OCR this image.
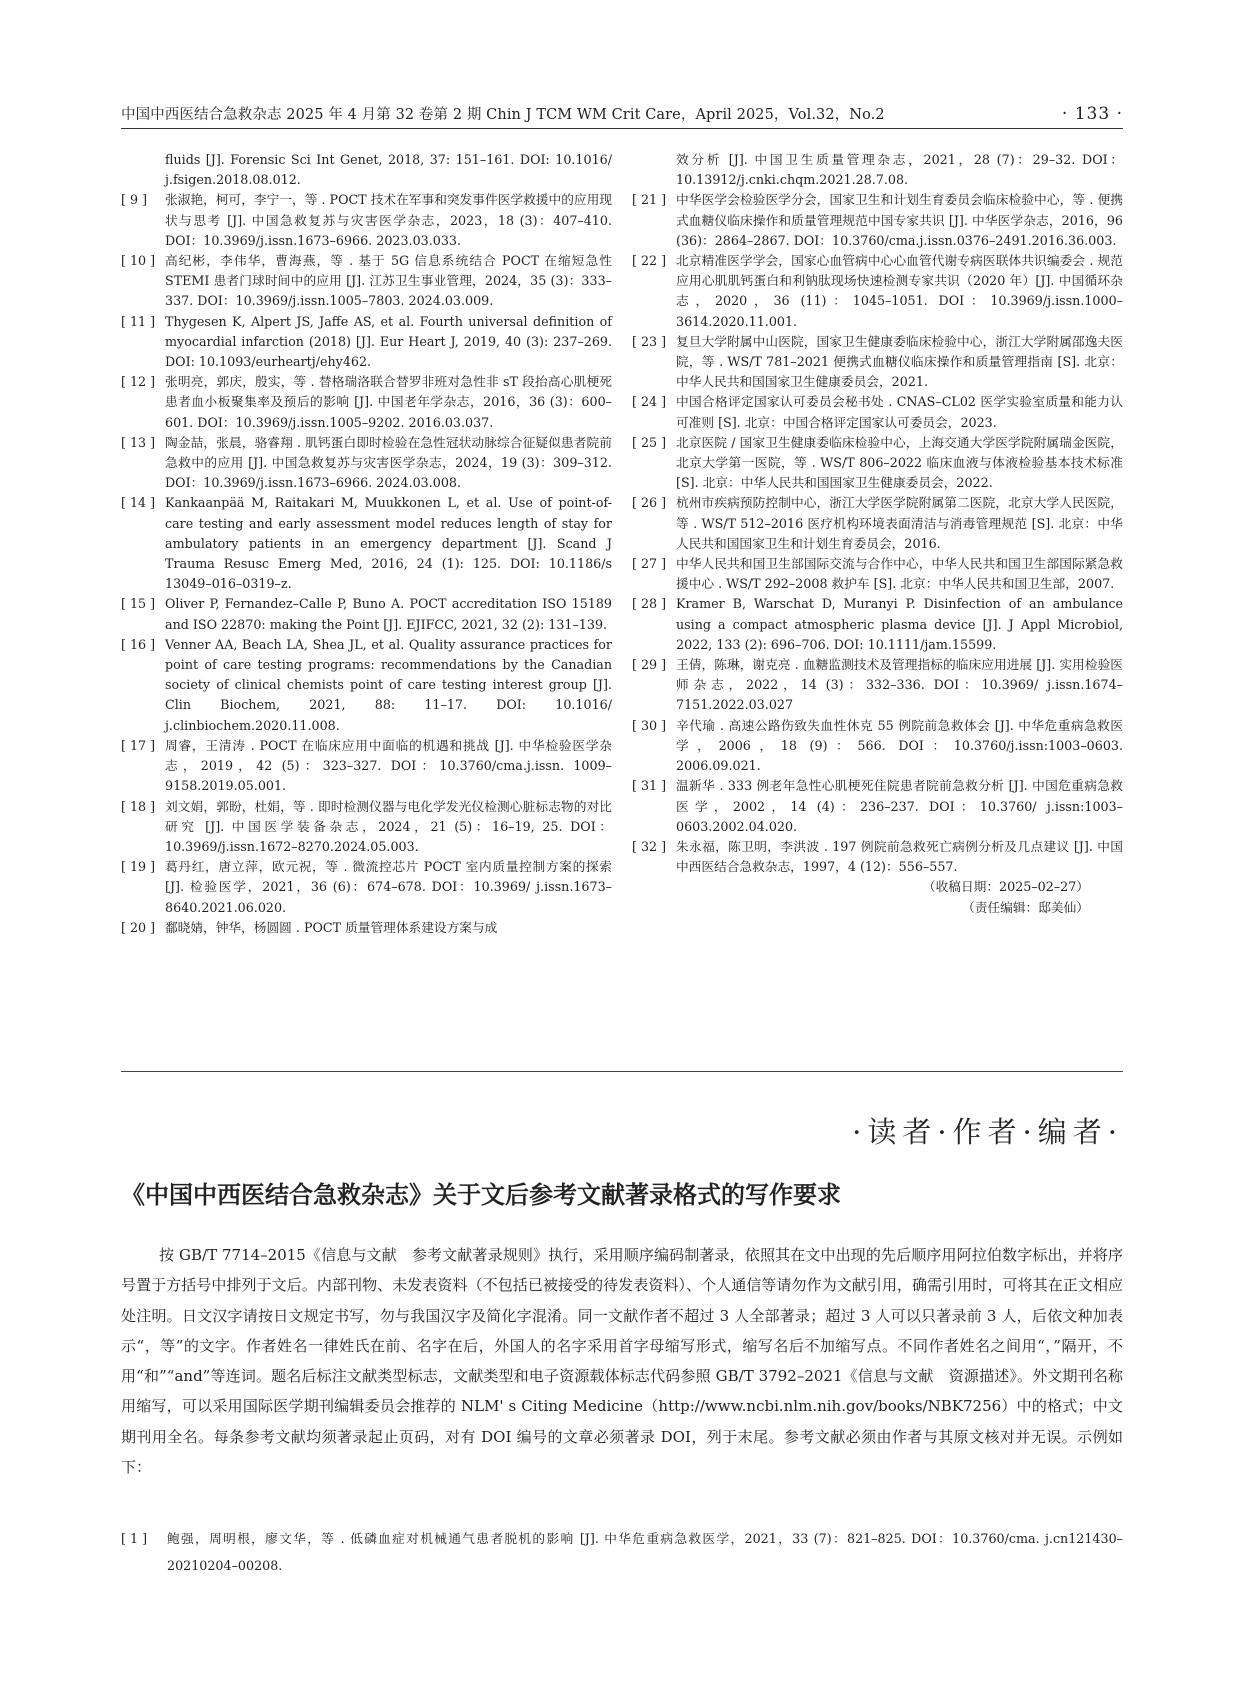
中国中西医结合急救杂志 2025 年 4 月第 32 卷第 2 期 Chin J TCM WM Crit Care，April 2025，Vol.32，No.2	· 133 ·
fluids [J]. Forensic Sci Int Genet, 2018, 37: 151–161. DOI: 10.1016/ j.fsigen.2018.08.012.
[ 9 ]	张淑艳，柯可，李宁一，等 . POCT 技术在军事和突发事件医学救援中的应用现状与思考 [J]. 中国急救复苏与灾害医学杂志，2023，18 (3)：407–410. DOI：10.3969/j.issn.1673–6966. 2023.03.033.
[ 10 ] 高纪彬，李伟华，曹海燕，等 . 基于 5G 信息系统结合 POCT 在缩短急性 STEMI 患者门球时间中的应用 [J]. 江苏卫生事业管理，2024，35 (3)：333–337. DOI：10.3969/j.issn.1005–7803. 2024.03.009.
[ 11 ] Thygesen K, Alpert JS, Jaffe AS, et al. Fourth universal definition of myocardial infarction (2018) [J]. Eur Heart J, 2019, 40 (3): 237–269. DOI: 10.1093/eurheartj/ehy462.
[ 12 ] 张明亮，郭庆，殷实，等 . 替格瑞洛联合替罗非班对急性非 sT 段抬高心肌梗死患者血小板聚集率及预后的影响 [J]. 中国老年学杂志，2016，36 (3)：600–601. DOI：10.3969/j.issn.1005–9202. 2016.03.037.
[ 13 ] 陶金喆，张晨，骆睿翔 . 肌钙蛋白即时检验在急性冠状动脉综合征疑似患者院前急救中的应用 [J]. 中国急救复苏与灾害医学杂志，2024，19 (3)：309–312. DOI：10.3969/j.issn.1673–6966. 2024.03.008.
[ 14 ] Kankaanpää M, Raitakari M, Muukkonen L, et al. Use of point-of-care testing and early assessment model reduces length of stay for ambulatory patients in an emergency department [J]. Scand J Trauma Resusc Emerg Med, 2016, 24 (1): 125. DOI: 10.1186/s 13049–016–0319–z.
[ 15 ] Oliver P, Fernandez–Calle P, Buno A. POCT accreditation ISO 15189 and ISO 22870: making the Point [J]. EJIFCC, 2021, 32 (2): 131–139.
[ 16 ] Venner AA, Beach LA, Shea JL, et al. Quality assurance practices for point of care testing programs: recommendations by the Canadian society of clinical chemists point of care testing interest group [J]. Clin Biochem, 2021, 88: 11–17. DOI: 10.1016/ j.clinbiochem.2020.11.008.
[ 17 ] 周睿，王清涛 . POCT 在临床应用中面临的机遇和挑战 [J]. 中华检验医学杂志，2019，42 (5)：323–327. DOI：10.3760/cma.j.issn. 1009–9158.2019.05.001.
[ 18 ] 刘文娟，郭盼，杜娟，等 . 即时检测仪器与电化学发光仪检测心脏标志物的对比研究 [J]. 中国医学装备杂志，2024，21 (5)：16–19, 25. DOI：10.3969/j.issn.1672–8270.2024.05.003.
[ 19 ] 葛丹红，唐立萍，欧元祝，等 . 微流控芯片 POCT 室内质量控制方案的探索 [J]. 检验医学，2021，36 (6)：674–678. DOI：10.3969/ j.issn.1673–8640.2021.06.020.
[ 20 ] 鄱晓婧，钟华，杨圆圆 . POCT 质量管理体系建设方案与成
效分析 [J]. 中国卫生质量管理杂志，2021，28 (7)：29–32. DOI：10.13912/j.cnki.chqm.2021.28.7.08.
[ 21 ] 中华医学会检验医学分会，国家卫生和计划生育委员会临床检验中心，等 . 便携式血糖仪临床操作和质量管理规范中国专家共识 [J]. 中华医学杂志，2016，96 (36)：2864–2867. DOI：10.3760/cma.j.issn.0376–2491.2016.36.003.
[ 22 ] 北京精准医学学会，国家心血管病中心心血管代谢专病医联体共识编委会 . 规范应用心肌肌钙蛋白和利钠肽现场快速检测专家共识（2020 年）[J]. 中国循环杂志，2020，36 (11)：1045–1051. DOI：10.3969/j.issn.1000–3614.2020.11.001.
[ 23 ] 复旦大学附属中山医院，国家卫生健康委临床检验中心，浙江大学附属邵逸夫医院，等 . WS/T 781–2021 便携式血糖仪临床操作和质量管理指南 [S]. 北京：中华人民共和国国家卫生健康委员会，2021.
[ 24 ] 中国合格评定国家认可委员会秘书处 . CNAS–CL02 医学实验室质量和能力认可准则 [S]. 北京：中国合格评定国家认可委员会，2023.
[ 25 ] 北京医院 / 国家卫生健康委临床检验中心，上海交通大学医学院附属瑞金医院，北京大学第一医院，等 . WS/T 806–2022 临床血液与体液检验基本技术标准 [S]. 北京：中华人民共和国国家卫生健康委员会，2022.
[ 26 ] 杭州市疾病预防控制中心，浙江大学医学院附属第二医院，北京大学人民医院，等 . WS/T 512–2016 医疗机构环境表面清洁与消毒管理规范 [S]. 北京：中华人民共和国国家卫生和计划生育委员会，2016.
[ 27 ] 中华人民共和国卫生部国际交流与合作中心，中华人民共和国卫生部国际紧急救援中心 . WS/T 292–2008 救护车 [S]. 北京：中华人民共和国卫生部，2007.
[ 28 ] Kramer B, Warschat D, Muranyi P. Disinfection of an ambulance using a compact atmospheric plasma device [J]. J Appl Microbiol, 2022, 133 (2): 696–706. DOI: 10.1111/jam.15599.
[ 29 ] 王倩，陈琳，谢克亮 . 血糖监测技术及管理指标的临床应用进展 [J]. 实用检验医师杂志，2022，14 (3)：332–336. DOI：10.3969/ j.issn.1674–7151.2022.03.027
[ 30 ] 辛代瑜 . 高速公路伤致失血性休克 55 例院前急救体会 [J]. 中华危重病急救医学，2006，18 (9)：566. DOI：10.3760/j.issn:1003–0603. 2006.09.021.
[ 31 ] 温新华 . 333 例老年急性心肌梗死住院患者院前急救分析 [J]. 中国危重病急救医学，2002，14 (4)：236–237. DOI：10.3760/ j.issn:1003–0603.2002.04.020.
[ 32 ] 朱永福，陈卫明，李洪波 . 197 例院前急救死亡病例分析及几点建议 [J]. 中国中西医结合急救杂志，1997，4 (12)：556–557.
（收稿日期：2025–02–27）
（责任编辑：邸美仙）
·读者·作者·编者·
《中国中西医结合急救杂志》关于文后参考文献著录格式的写作要求
按 GB/T 7714–2015《信息与文献　参考文献著录规则》执行，采用顺序编码制著录，依照其在文中出现的先后顺序用阿拉伯数字标出，并将序号置于方括号中排列于文后。内部刊物、未发表资料（不包括已被接受的待发表资料）、个人通信等请勿作为文献引用，确需引用时，可将其在正文相应处注明。日文汉字请按日文规定书写，勿与我国汉字及简化字混淆。同一文献作者不超过 3 人全部著录；超过 3 人可以只著录前 3 人，后依文种加表示“，等”的文字。作者姓名一律姓氏在前、名字在后，外国人的名字采用首字母缩写形式，缩写名后不加缩写点。不同作者姓名之间用“，”隔开，不用“和”“and”等连词。题名后标注文献类型标志，文献类型和电子资源载体标志代码参照 GB/T 3792–2021《信息与文献　资源描述》。外文期刊名称用缩写，可以采用国际医学期刊编辑委员会推荐的 NLM' s Citing Medicine（http://www.ncbi.nlm.nih.gov/books/NBK7256）中的格式；中文期刊用全名。每条参考文献均须著录起止页码，对有 DOI 编号的文章必须著录 DOI，列于末尾。参考文献必须由作者与其原文核对并无误。示例如下：
[ 1 ]	鲍强，周明根，廖文华，等 . 低磷血症对机械通气患者脱机的影响 [J]. 中华危重病急救医学，2021，33 (7)：821–825. DOI：10.3760/cma. j.cn121430–20210204–00208.
